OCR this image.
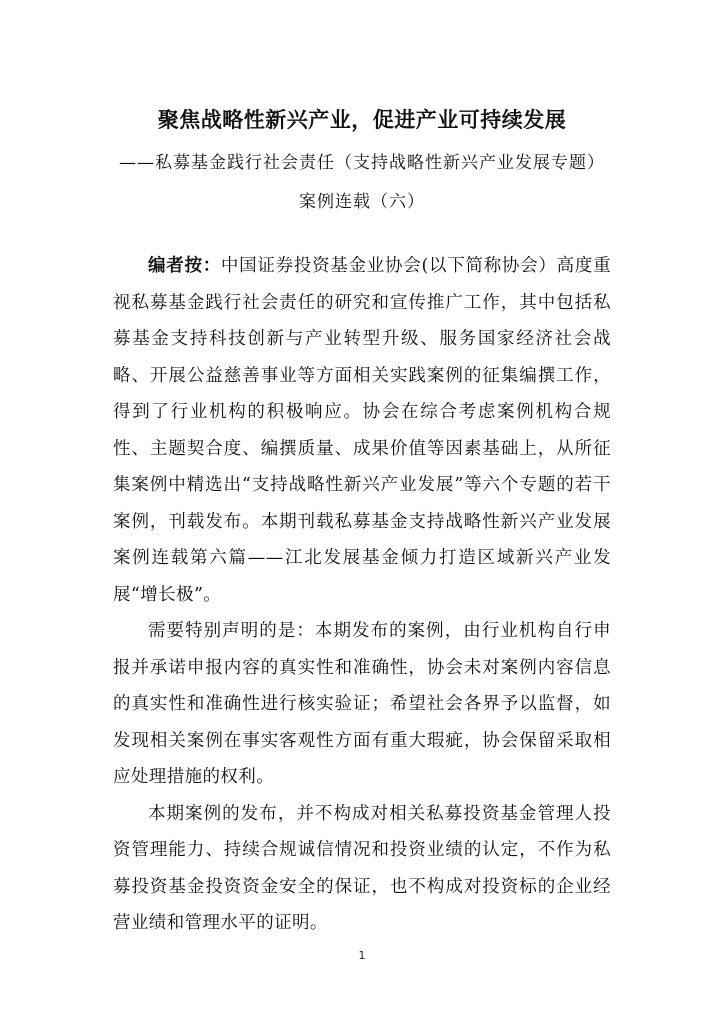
聚焦战略性新兴产业，促进产业可持续发展
——私募基金践行社会责任（支持战略性新兴产业发展专题）
案例连载（六）

编者按：中国证券投资基金业协会(以下简称协会）高度重视私募基金践行社会责任的研究和宣传推广工作，其中包括私募基金支持科技创新与产业转型升级、服务国家经济社会战略、开展公益慈善事业等方面相关实践案例的征集编撰工作，得到了行业机构的积极响应。协会在综合考虑案例机构合规性、主题契合度、编撰质量、成果价值等因素基础上，从所征集案例中精选出“支持战略性新兴产业发展”等六个专题的若干案例，刊载发布。本期刊载私募基金支持战略性新兴产业发展案例连载第六篇——江北发展基金倾力打造区域新兴产业发展“增长极”。

需要特别声明的是：本期发布的案例，由行业机构自行申报并承诺申报内容的真实性和准确性，协会未对案例内容信息的真实性和准确性进行核实验证；希望社会各界予以监督，如发现相关案例在事实客观性方面有重大瑕疵，协会保留采取相应处理措施的权利。

本期案例的发布，并不构成对相关私募投资基金管理人投资管理能力、持续合规诚信情况和投资业绩的认定，不作为私募投资基金投资资金安全的保证，也不构成对投资标的企业经营业绩和管理水平的证明。

1
